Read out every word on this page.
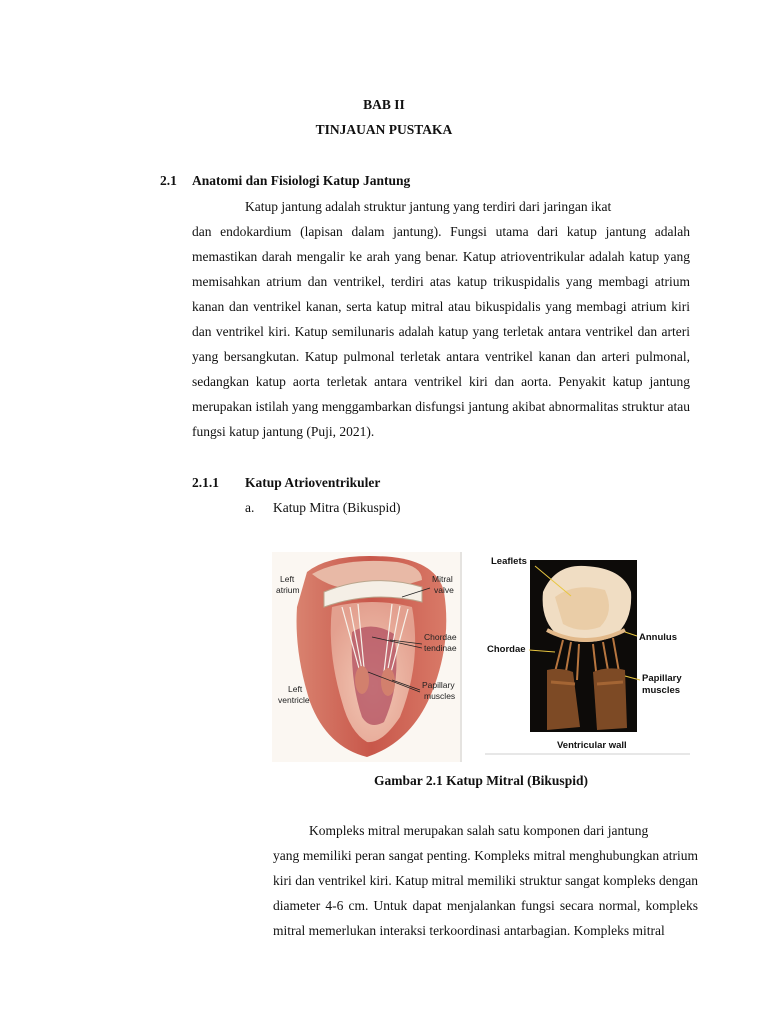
BAB II
TINJAUAN PUSTAKA
2.1 Anatomi dan Fisiologi Katup Jantung
Katup jantung adalah struktur jantung yang terdiri dari jaringan ikat
dan endokardium (lapisan dalam jantung). Fungsi utama dari katup jantung adalah memastikan darah mengalir ke arah yang benar. Katup atrioventrikular adalah katup yang memisahkan atrium dan ventrikel, terdiri atas katup trikuspidalis yang membagi atrium kanan dan ventrikel kanan, serta katup mitral atau bikuspidalis yang membagi atrium kiri dan ventrikel kiri. Katup semilunaris adalah katup yang terletak antara ventrikel dan arteri yang bersangkutan. Katup pulmonal terletak antara ventrikel kanan dan arteri pulmonal, sedangkan katup aorta terletak antara ventrikel kiri dan aorta. Penyakit katup jantung merupakan istilah yang menggambarkan disfungsi jantung akibat abnormalitas struktur atau fungsi katup jantung (Puji, 2021).
2.1.1 Katup Atrioventrikuler
a. Katup Mitra (Bikuspid)
Left
atrium
Mitral
valve
Chordae
tendinae
Left
ventricle
Papillary
muscles
Leaflets
Annulus
Chordae
Papillary
muscles
Ventricular wall
Gambar 2.1 Katup Mitral (Bikuspid)
Kompleks mitral merupakan salah satu komponen dari jantung
yang memiliki peran sangat penting. Kompleks mitral menghubungkan atrium kiri dan ventrikel kiri. Katup mitral memiliki struktur sangat kompleks dengan diameter 4-6 cm. Untuk dapat menjalankan fungsi secara normal, kompleks mitral memerlukan interaksi terkoordinasi antarbagian. Kompleks mitral
